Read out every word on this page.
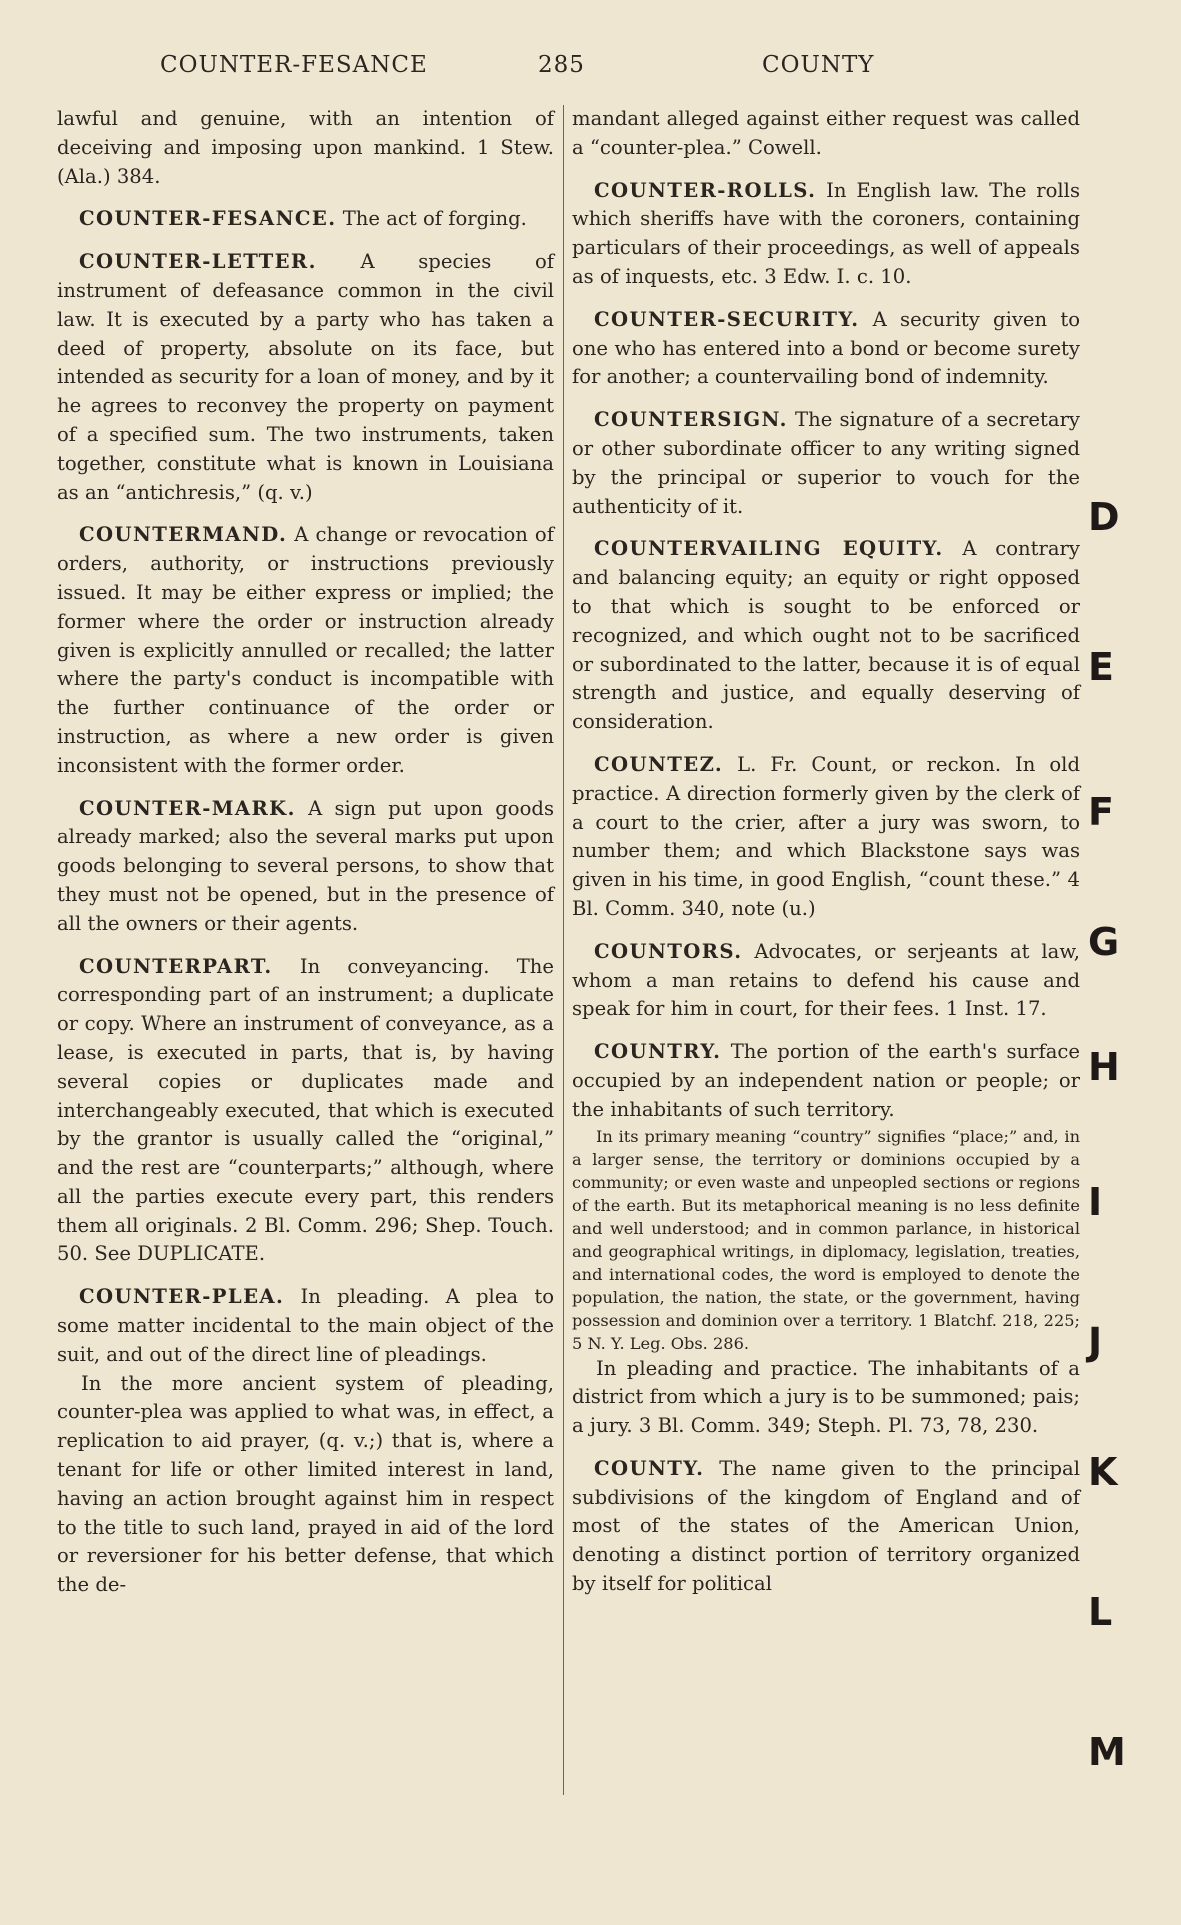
COUNTER-FESANCE	285	COUNTY

lawful and genuine, with an intention of deceiving and imposing upon mankind. 1 Stew. (Ala.) 384.

COUNTER-FESANCE. The act of forging.

COUNTER-LETTER. A species of instrument of defeasance common in the civil law. It is executed by a party who has taken a deed of property, absolute on its face, but intended as security for a loan of money, and by it he agrees to reconvey the property on payment of a specified sum. The two instruments, taken together, constitute what is known in Louisiana as an “antichresis,” (q. v.)

COUNTERMAND. A change or revocation of orders, authority, or instructions previously issued. It may be either express or implied; the former where the order or instruction already given is explicitly annulled or recalled; the latter where the party's conduct is incompatible with the further continuance of the order or instruction, as where a new order is given inconsistent with the former order.

COUNTER-MARK. A sign put upon goods already marked; also the several marks put upon goods belonging to several persons, to show that they must not be opened, but in the presence of all the owners or their agents.

COUNTERPART. In conveyancing. The corresponding part of an instrument; a duplicate or copy. Where an instrument of conveyance, as a lease, is executed in parts, that is, by having several copies or duplicates made and interchangeably executed, that which is executed by the grantor is usually called the “original,” and the rest are “counterparts;” although, where all the parties execute every part, this renders them all originals. 2 Bl. Comm. 296; Shep. Touch. 50. See DUPLICATE.

COUNTER-PLEA. In pleading. A plea to some matter incidental to the main object of the suit, and out of the direct line of pleadings.

In the more ancient system of pleading, counter-plea was applied to what was, in effect, a replication to aid prayer, (q. v.;) that is, where a tenant for life or other limited interest in land, having an action brought against him in respect to the title to such land, prayed in aid of the lord or reversioner for his better defense, that which the de-

mandant alleged against either request was called a “counter-plea.” Cowell.

COUNTER-ROLLS. In English law. The rolls which sheriffs have with the coroners, containing particulars of their proceedings, as well of appeals as of inquests, etc. 3 Edw. I. c. 10.

COUNTER-SECURITY. A security given to one who has entered into a bond or become surety for another; a countervailing bond of indemnity.

COUNTERSIGN. The signature of a secretary or other subordinate officer to any writing signed by the principal or superior to vouch for the authenticity of it.

COUNTERVAILING EQUITY. A contrary and balancing equity; an equity or right opposed to that which is sought to be enforced or recognized, and which ought not to be sacrificed or subordinated to the latter, because it is of equal strength and justice, and equally deserving of consideration.

COUNTEZ. L. Fr. Count, or reckon. In old practice. A direction formerly given by the clerk of a court to the crier, after a jury was sworn, to number them; and which Blackstone says was given in his time, in good English, “count these.” 4 Bl. Comm. 340, note (u.)

COUNTORS. Advocates, or serjeants at law, whom a man retains to defend his cause and speak for him in court, for their fees. 1 Inst. 17.

COUNTRY. The portion of the earth's surface occupied by an independent nation or people; or the inhabitants of such territory.

In its primary meaning “country” signifies “place;” and, in a larger sense, the territory or dominions occupied by a community; or even waste and unpeopled sections or regions of the earth. But its metaphorical meaning is no less definite and well understood; and in common parlance, in historical and geographical writings, in diplomacy, legislation, treaties, and international codes, the word is employed to denote the population, the nation, the state, or the government, having possession and dominion over a territory. 1 Blatchf. 218, 225; 5 N. Y. Leg. Obs. 286.

In pleading and practice. The inhabitants of a district from which a jury is to be summoned; pais; a jury. 3 Bl. Comm. 349; Steph. Pl. 73, 78, 230.

COUNTY. The name given to the principal subdivisions of the kingdom of England and of most of the states of the American Union, denoting a distinct portion of territory organized by itself for political

D
E
F
G
H
I
J
K
L
M
